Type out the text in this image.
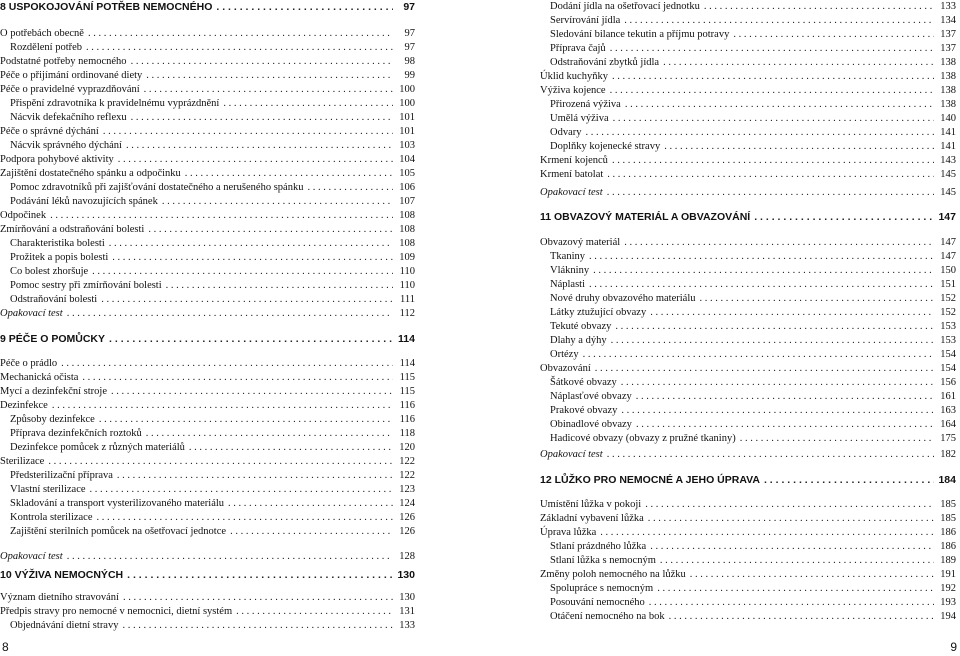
8 USPOKOJOVÁNÍ POTŘEB NEMOCNÉHO . . .	97
O potřebách obecně . . .	97
Rozdělení potřeb . . .	97
Podstatné potřeby nemocného . . .	98
Péče o přijímání ordinované diety . . .	99
Péče o pravidelné vyprazdňování . . .	100
Přispění zdravotníka k pravidelnému vyprázdnění . . .	100
Nácvik defekačního reflexu . . .	101
Péče o správné dýchání . . .	101
Nácvik správného dýchání . . .	103
Podpora pohybové aktivity . . .	104
Zajištění dostatečného spánku a odpočinku . . .	105
Pomoc zdravotníků při zajišťování dostatečného a nerušeného spánku . . .	106
Podávání léků navozujících spánek . . .	107
Odpočinek . . .	108
Zmírňování a odstraňování bolesti . . .	108
Charakteristika bolesti . . .	108
Prožitek a popis bolesti . . .	109
Co bolest zhoršuje . . .	110
Pomoc sestry při zmírňování bolesti . . .	110
Odstraňování bolesti . . .	111
Opakovací test . . .	112
9 PÉČE O POMŮCKY . . .	114
Péče o prádlo . . .	114
Mechanická očista . . .	115
Mycí a dezinfekční stroje . . .	115
Dezinfekce . . .	116
Způsoby dezinfekce . . .	116
Příprava dezinfekčních roztoků . . .	118
Dezinfekce pomůcek z různých materiálů . . .	120
Sterilizace . . .	122
Předsterilizační příprava . . .	122
Vlastní sterilizace . . .	123
Skladování a transport vysterilizovaného materiálu . . .	124
Kontrola sterilizace . . .	126
Zajištění sterilních pomůcek na ošetřovací jednotce . . .	126
Opakovací test . . .	128
10 VÝŽIVA NEMOCNÝCH . . .	130
Význam dietního stravování . . .	130
Předpis stravy pro nemocné v nemocnici, dietní systém . . .	131
Objednávání dietní stravy . . .	133
Dodání jídla na ošetřovací jednotku . . .	133
Servírování jídla . . .	134
Sledování bilance tekutin a příjmu potravy . . .	137
Příprava čajů . . .	137
Odstraňování zbytků jídla . . .	138
Úklid kuchyňky . . .	138
Výživa kojence . . .	138
Přirozená výživa . . .	138
Umělá výživa . . .	140
Odvary . . .	141
Doplňky kojenecké stravy . . .	141
Krmení kojenců . . .	143
Krmení batolat . . .	145
Opakovací test . . .	145
11 OBVAZOVÝ MATERIÁL A OBVAZOVÁNÍ . . .	147
Obvazový materiál . . .	147
Tkaniny . . .	147
Vlákniny . . .	150
Náplasti . . .	151
Nové druhy obvazového materiálu . . .	152
Látky ztužující obvazy . . .	152
Tekuté obvazy . . .	153
Dlahy a dýhy . . .	153
Ortézy . . .	154
Obvazování . . .	154
Šátkové obvazy . . .	156
Náplasťové obvazy . . .	161
Prakové obvazy . . .	163
Obinadlové obvazy . . .	164
Hadicové obvazy (obvazy z pružné tkaniny) . . .	175
Opakovací test . . .	182
12 LŮŽKO PRO NEMOCNÉ A JEHO ÚPRAVA . . .	184
Umístění lůžka v pokoji . . .	185
Základní vybavení lůžka . . .	185
Úprava lůžka . . .	186
Stlaní prázdného lůžka . . .	186
Stlaní lůžka s nemocným . . .	189
Změny poloh nemocného na lůžku . . .	191
Spolupráce s nemocným . . .	192
Posouvání nemocného . . .	193
Otáčení nemocného na bok . . .	194
8	9
